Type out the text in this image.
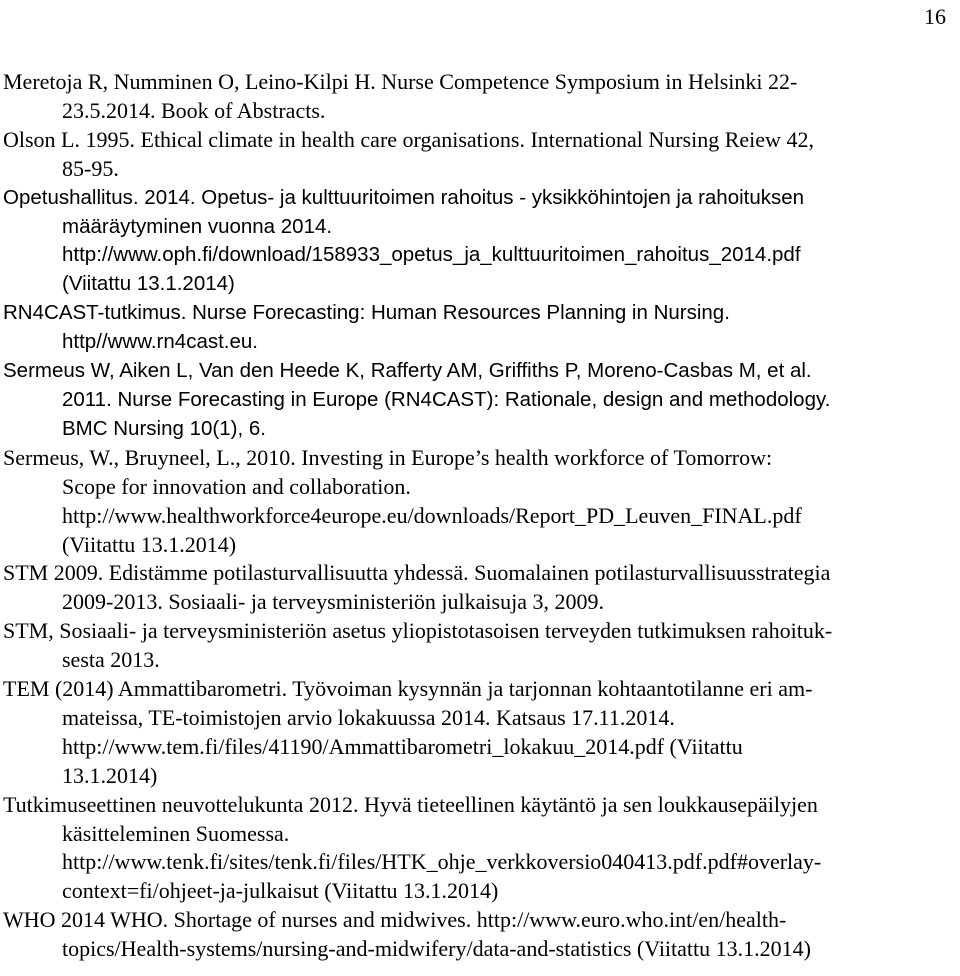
16
Meretoja R, Numminen O, Leino-Kilpi H. Nurse Competence Symposium in Helsinki 22-
23.5.2014. Book of Abstracts.
Olson L. 1995. Ethical climate in health care organisations. International Nursing Reiew 42,
85-95.
Opetushallitus. 2014. Opetus- ja kulttuuritoimen rahoitus - yksikköhintojen ja rahoituksen
määräytyminen vuonna 2014.
http://www.oph.fi/download/158933_opetus_ja_kulttuuritoimen_rahoitus_2014.pdf
(Viitattu 13.1.2014)
RN4CAST-tutkimus. Nurse Forecasting: Human Resources Planning in Nursing.
http//www.rn4cast.eu.
Sermeus W, Aiken L, Van den Heede K, Rafferty AM, Griffiths P, Moreno-Casbas M, et al.
2011. Nurse Forecasting in Europe (RN4CAST): Rationale, design and methodology.
BMC Nursing 10(1), 6.
Sermeus, W., Bruyneel, L., 2010. Investing in Europe’s health workforce of Tomorrow:
Scope for innovation and collaboration.
http://www.healthworkforce4europe.eu/downloads/Report_PD_Leuven_FINAL.pdf
(Viitattu 13.1.2014)
STM 2009. Edistämme potilasturvallisuutta yhdessä. Suomalainen potilasturvallisuusstrategia
2009-2013. Sosiaali- ja terveysministeriön julkaisuja 3, 2009.
STM, Sosiaali- ja terveysministeriön asetus yliopistotasoisen terveyden tutkimuksen rahoituk-
sesta 2013.
TEM (2014) Ammattibarometri. Työvoiman kysynnän ja tarjonnan kohtaantotilanne eri am-
mateissa, TE-toimistojen arvio lokakuussa 2014. Katsaus 17.11.2014.
http://www.tem.fi/files/41190/Ammattibarometri_lokakuu_2014.pdf (Viitattu
13.1.2014)
Tutkimuseettinen neuvottelukunta 2012. Hyvä tieteellinen käytäntö ja sen loukkausepäilyjen
käsitteleminen Suomessa.
http://www.tenk.fi/sites/tenk.fi/files/HTK_ohje_verkkoversio040413.pdf.pdf#overlay-
context=fi/ohjeet-ja-julkaisut (Viitattu 13.1.2014)
WHO 2014 WHO. Shortage of nurses and midwives. http://www.euro.who.int/en/health-
topics/Health-systems/nursing-and-midwifery/data-and-statistics (Viitattu 13.1.2014)
